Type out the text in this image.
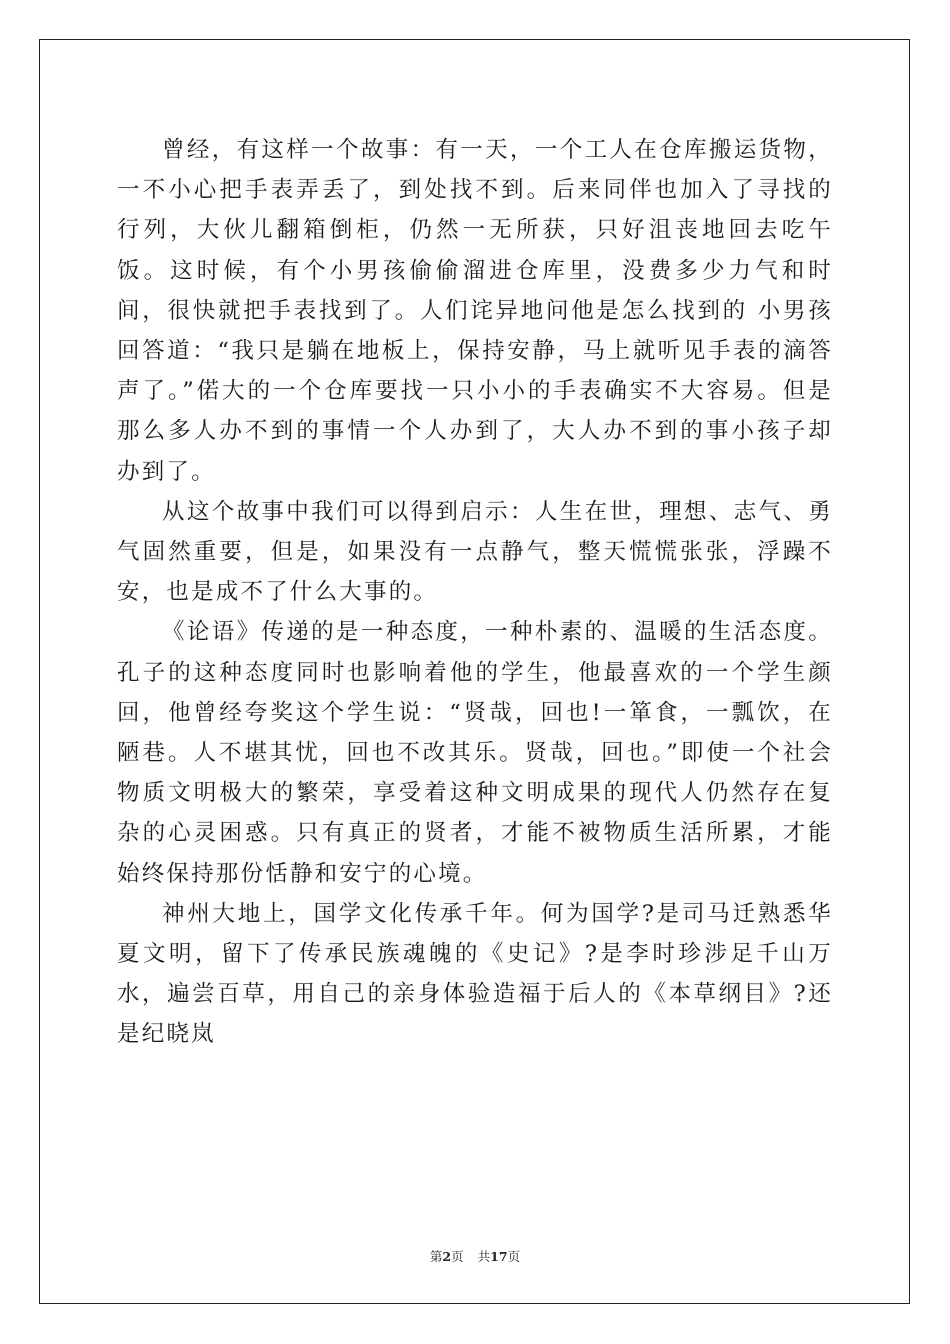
曾经，有这样一个故事：有一天，一个工人在仓库搬运货物，一不小心把手表弄丢了，到处找不到。后来同伴也加入了寻找的行列，大伙儿翻箱倒柜，仍然一无所获，只好沮丧地回去吃午饭。这时候，有个小男孩偷偷溜进仓库里，没费多少力气和时间，很快就把手表找到了。人们诧异地问他是怎么找到的 小男孩回答道：“我只是躺在地板上，保持安静，马上就听见手表的滴答声了。”偌大的一个仓库要找一只小小的手表确实不大容易。但是那么多人办不到的事情一个人办到了，大人办不到的事小孩子却办到了。

从这个故事中我们可以得到启示：人生在世，理想、志气、勇气固然重要，但是，如果没有一点静气，整天慌慌张张，浮躁不安，也是成不了什么大事的。

《论语》传递的是一种态度，一种朴素的、温暖的生活态度。孔子的这种态度同时也影响着他的学生，他最喜欢的一个学生颜回，他曾经夸奖这个学生说：“贤哉，回也!一箪食，一瓢饮，在陋巷。人不堪其忧，回也不改其乐。贤哉，回也。”即使一个社会物质文明极大的繁荣，享受着这种文明成果的现代人仍然存在复杂的心灵困惑。只有真正的贤者，才能不被物质生活所累，才能始终保持那份恬静和安宁的心境。

神州大地上，国学文化传承千年。何为国学?是司马迁熟悉华夏文明，留下了传承民族魂魄的《史记》?是李时珍涉足千山万水，遍尝百草，用自己的亲身体验造福于后人的《本草纲目》?还是纪晓岚

第2页 共17页
